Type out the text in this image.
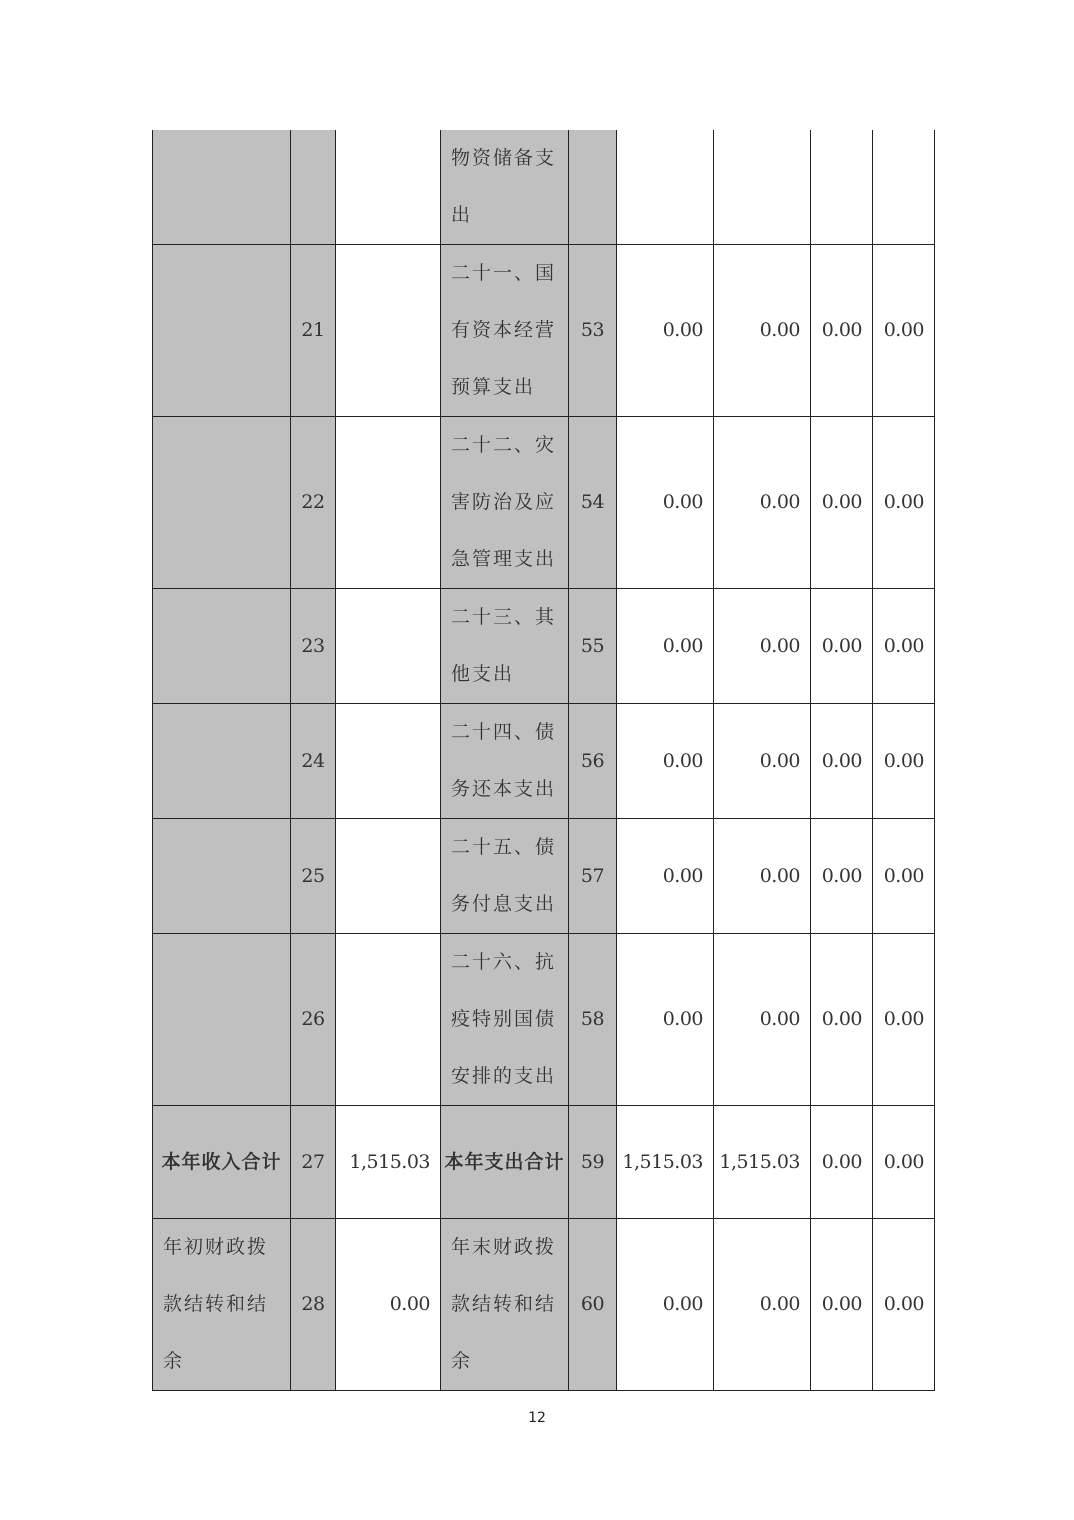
			物资储备支出					
	21		二十一、国有资本经营预算支出	53	0.00	0.00	0.00	0.00
	22		二十二、灾害防治及应急管理支出	54	0.00	0.00	0.00	0.00
	23		二十三、其他支出	55	0.00	0.00	0.00	0.00
	24		二十四、债务还本支出	56	0.00	0.00	0.00	0.00
	25		二十五、债务付息支出	57	0.00	0.00	0.00	0.00
	26		二十六、抗疫特别国债安排的支出	58	0.00	0.00	0.00	0.00
本年收入合计	27	1,515.03	本年支出合计	59	1,515.03	1,515.03	0.00	0.00
年初财政拨款结转和结余	28	0.00	年末财政拨款结转和结余	60	0.00	0.00	0.00	0.00
12
